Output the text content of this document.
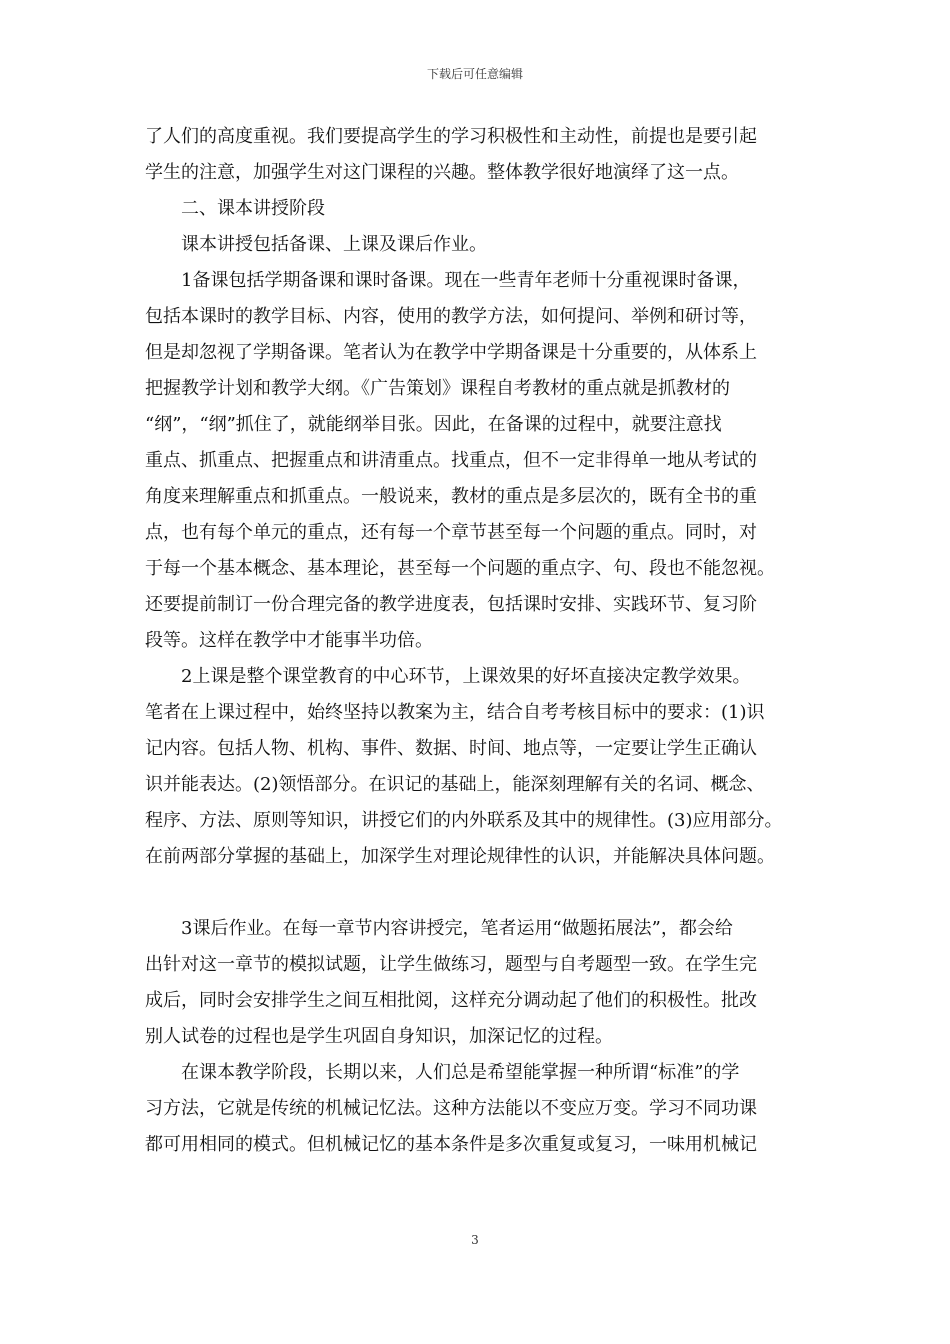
下载后可任意编辑
了人们的高度重视。我们要提高学生的学习积极性和主动性，前提也是要引起
学生的注意，加强学生对这门课程的兴趣。整体教学很好地演绎了这一点。
　　二、课本讲授阶段
　　课本讲授包括备课、上课及课后作业。
　　1备课包括学期备课和课时备课。现在一些青年老师十分重视课时备课，
包括本课时的教学目标、内容，使用的教学方法，如何提问、举例和研讨等，
但是却忽视了学期备课。笔者认为在教学中学期备课是十分重要的，从体系上
把握教学计划和教学大纲。《广告策划》课程自考教材的重点就是抓教材的
“纲”，“纲”抓住了，就能纲举目张。因此，在备课的过程中，就要注意找
重点、抓重点、把握重点和讲清重点。找重点，但不一定非得单一地从考试的
角度来理解重点和抓重点。一般说来，教材的重点是多层次的，既有全书的重
点，也有每个单元的重点，还有每一个章节甚至每一个问题的重点。同时，对
于每一个基本概念、基本理论，甚至每一个问题的重点字、句、段也不能忽视。
还要提前制订一份合理完备的教学进度表，包括课时安排、实践环节、复习阶
段等。这样在教学中才能事半功倍。
　　2上课是整个课堂教育的中心环节，上课效果的好坏直接决定教学效果。
笔者在上课过程中，始终坚持以教案为主，结合自考考核目标中的要求：(1)识
记内容。包括人物、机构、事件、数据、时间、地点等，一定要让学生正确认
识并能表达。(2)领悟部分。在识记的基础上，能深刻理解有关的名词、概念、
程序、方法、原则等知识，讲授它们的内外联系及其中的规律性。(3)应用部分。
在前两部分掌握的基础上，加深学生对理论规律性的认识，并能解决具体问题。
　　3课后作业。在每一章节内容讲授完，笔者运用“做题拓展法”，都会给
出针对这一章节的模拟试题，让学生做练习，题型与自考题型一致。在学生完
成后，同时会安排学生之间互相批阅，这样充分调动起了他们的积极性。批改
别人试卷的过程也是学生巩固自身知识，加深记忆的过程。
　　在课本教学阶段，长期以来，人们总是希望能掌握一种所谓“标准”的学
习方法，它就是传统的机械记忆法。这种方法能以不变应万变。学习不同功课
都可用相同的模式。但机械记忆的基本条件是多次重复或复习，一味用机械记
3
